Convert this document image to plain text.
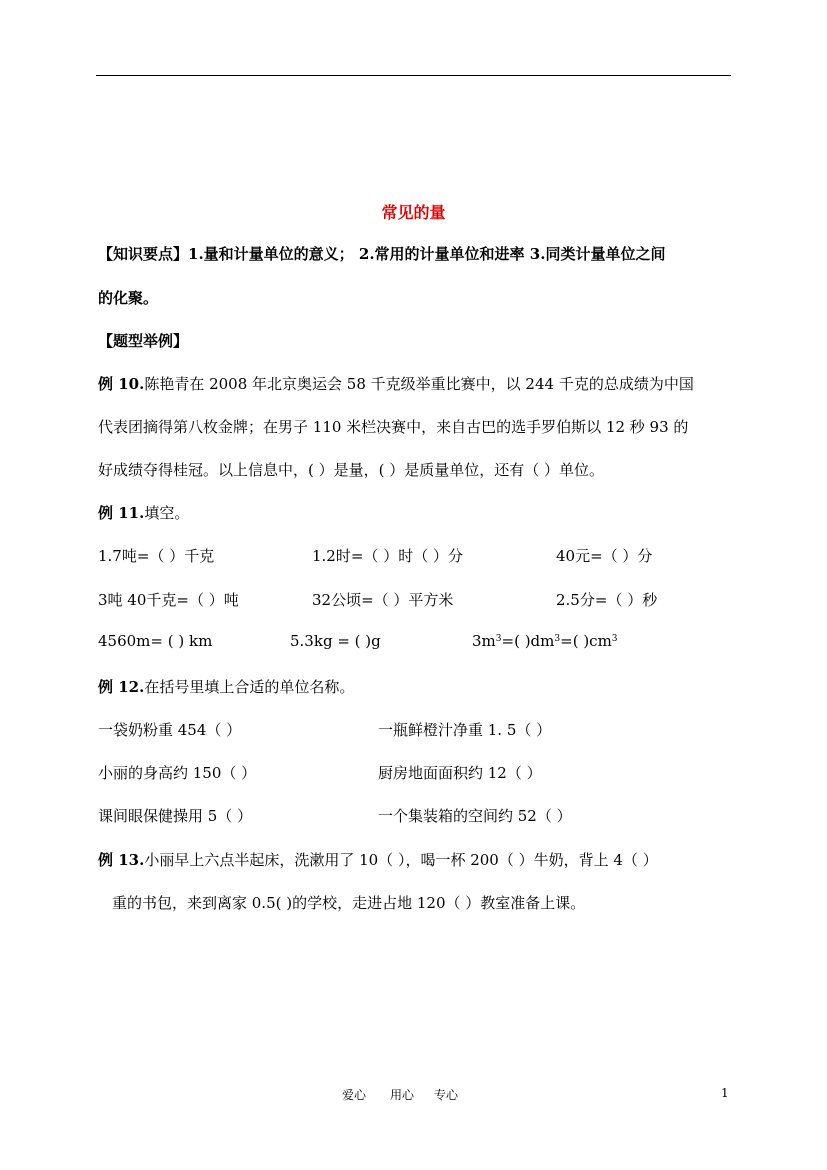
常见的量
【知识要点】1.量和计量单位的意义； 2.常用的计量单位和进率 3.同类计量单位之间
的化聚。
【题型举例】
例 10.陈艳青在 2008 年北京奥运会 58 千克级举重比赛中，以 244 千克的总成绩为中国
代表团摘得第八枚金牌；在男子 110 米栏决赛中，来自古巴的选手罗伯斯以 12 秒 93 的
好成绩夺得桂冠。以上信息中，( ）是量，( ）是质量单位，还有（ ）单位。
例 11.填空。
1.7吨=（ ）千克	1.2时=（ ）时（ ）分	40元=（ ）分
3吨 40千克=（ ）吨	32公顷=（ ）平方米	2.5分=（ ）秒
4560m= ( ) km	5.3kg = ( )g	$3m^3=$( )$dm^3=$( )$cm^3$
例 12.在括号里填上合适的单位名称。
一袋奶粉重 454（ ）	一瓶鲜橙汁净重 1. 5（ ）
小丽的身高约 150（ ）	厨房地面面积约 12（ ）
课间眼保健操用 5（ ）	一个集装箱的空间约 52（ ）
例 13.小丽早上六点半起床，洗漱用了 10（ ），喝一杯 200（ ）牛奶，背上 4（ ）
重的书包，来到离家 0.5( )的学校，走进占地 120（ ）教室准备上课。
爱心 用心 专心	1
